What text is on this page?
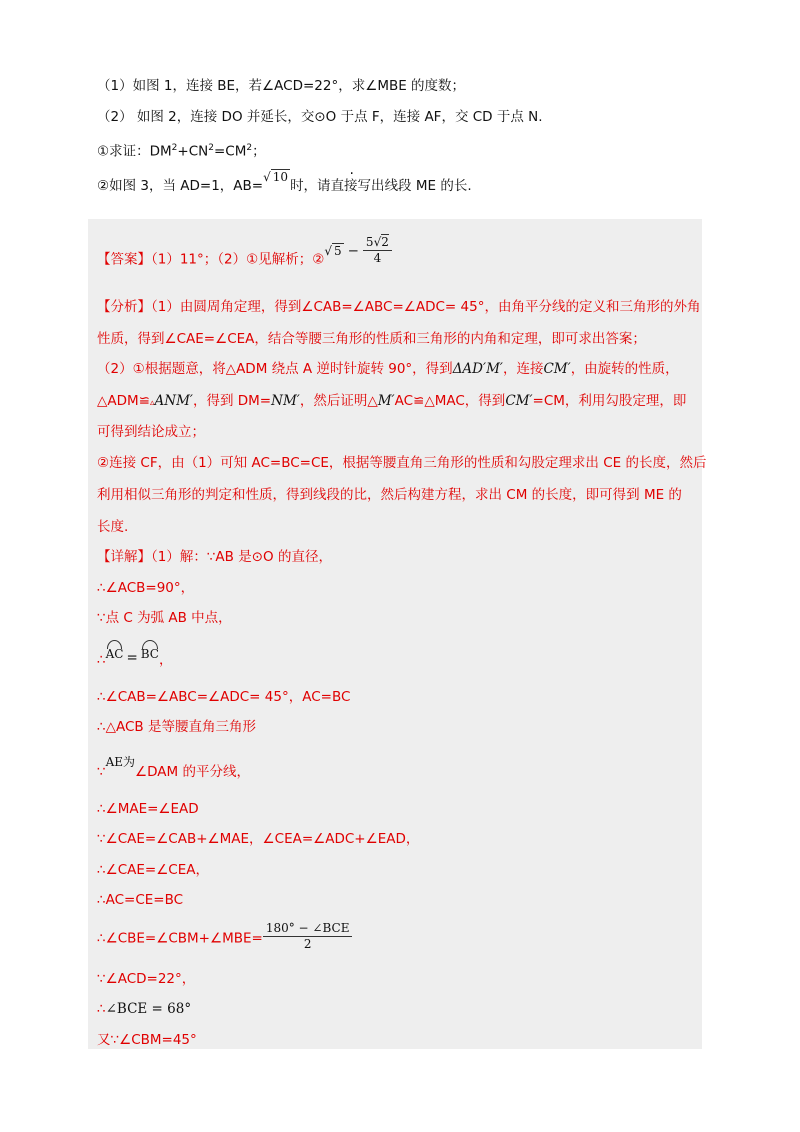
（1）如图 1，连接 BE，若∠ACD=22°，求∠MBE 的度数；
（2） 如图 2，连接 DO 并延长，交⊙O 于点 F，连接 AF，交 CD 于点 N.
①求证：$DM^2+CN^2=CM^2$；
②如图 3，当 AD=1，AB=√ 10时，请直接写出线段 ME 的长.
【答案】（1）11°；（2）①见解析；②√ $5 - \frac{5√2}{4}$
【分析】（1）由圆周角定理，得到∠CAB=∠ABC=∠ADC= 45°，由角平分线的定义和三角形的外角
性质，得到∠CAE=∠CEA，结合等腰三角形的性质和三角形的内角和定理，即可求出答案；
（2）①根据题意，将△ADM 绕点 A 逆时针旋转 90°，得到ΔAD′M′，连接CM′，由旋转的性质，
△ADM≌▵ANM′，得到 DM=NM′，然后证明△M′AC≌△MAC，得到CM′=CM，利用勾股定理，即
可得到结论成立；
②连接 CF，由（1）可知 AC=BC=CE，根据等腰直角三角形的性质和勾股定理求出 CE 的长度，然后
利用相似三角形的判定和性质，得到线段的比，然后构建方程，求出 CM 的长度，即可得到 ME 的
长度.
【详解】（1）解：∵AB 是⊙O 的直径，
∴∠ACB=90°，
∵点 C 为弧 AB 中点，
∴AC = BC，
∴∠CAB=∠ABC=∠ADC= 45°，AC=BC
∴△ACB 是等腰直角三角形
∵AE为∠DAM 的平分线，
∴∠MAE=∠EAD
∵∠CAE=∠CAB+∠MAE，∠CEA=∠ADC+∠EAD，
∴∠CAE=∠CEA，
∴AC=CE=BC
∴∠CBE=∠CBM+∠MBE= $\frac{\text{180° − ∠BCE}}{2}$
∵∠ACD=22°，
∴∠BCE = 68°
又∵∠CBM=45°
